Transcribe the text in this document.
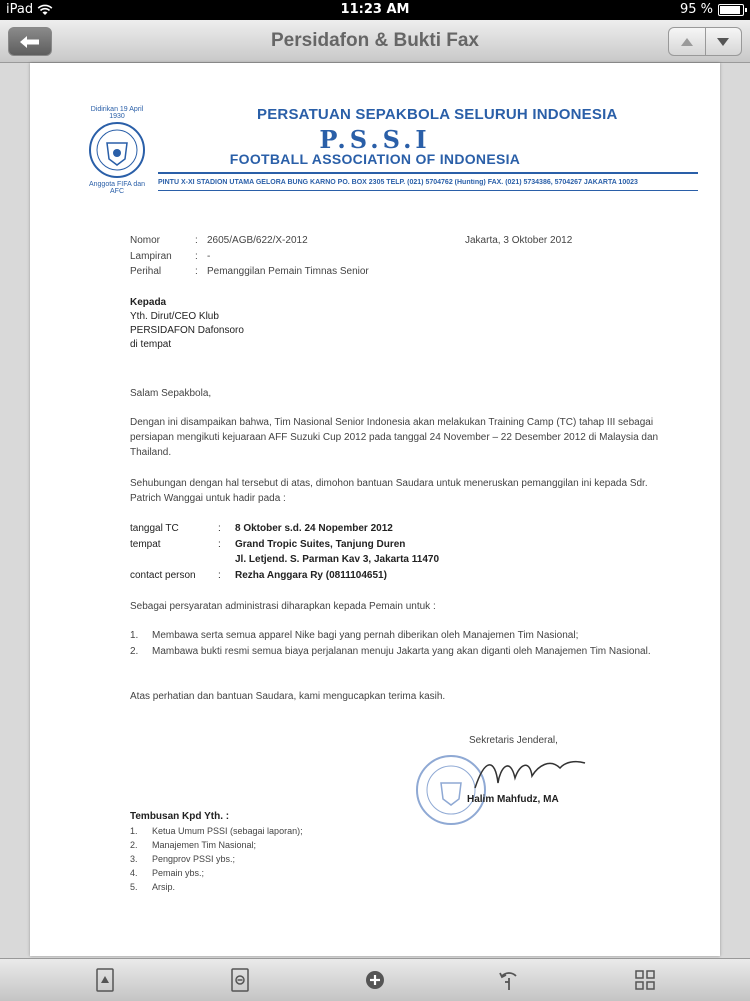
iPad	11:23 AM	95 %
Persidafon & Bukti Fax
Didirikan 19 April 1930
Anggota FIFA dan AFC
PERSATUAN SEPAKBOLA SELURUH INDONESIA
P.S.S.I
FOOTBALL ASSOCIATION OF INDONESIA
PINTU X-XI STADION UTAMA GELORA BUNG KARNO PO. BOX 2305 TELP. (021) 5704762 (Hunting) FAX. (021) 5734386, 5704267 JAKARTA 10023
Nomor	: 2605/AGB/622/X-2012
Lampiran : -
Perihal	: Pemanggilan Pemain Timnas Senior
Jakarta, 3 Oktober 2012
Kepada
Yth. Dirut/CEO Klub
PERSIDAFON Dafonsoro
di tempat
Salam Sepakbola,
Dengan ini disampaikan bahwa, Tim Nasional Senior Indonesia akan melakukan Training Camp (TC) tahap III sebagai persiapan mengikuti kejuaraan AFF Suzuki Cup 2012 pada tanggal 24 November – 22 Desember 2012 di Malaysia dan Thailand.
Sehubungan dengan hal tersebut di atas, dimohon bantuan Saudara untuk meneruskan pemanggilan ini kepada Sdr. Patrich Wanggai untuk hadir pada :
tanggal TC	: 8 Oktober s.d. 24 Nopember 2012
tempat	: Grand Tropic Suites, Tanjung Duren
Jl. Letjend. S. Parman Kav 3, Jakarta 11470
contact person : Rezha Anggara Ry (0811104651)
Sebagai persyaratan administrasi diharapkan kepada Pemain untuk :
1.	Membawa serta semua apparel Nike bagi yang pernah diberikan oleh Manajemen Tim Nasional;
2.	Mambawa bukti resmi semua biaya perjalanan menuju Jakarta yang akan diganti oleh Manajemen Tim Nasional.
Atas perhatian dan bantuan Saudara, kami mengucapkan terima kasih.
Sekretaris Jenderal,
Halim Mahfudz, MA
Tembusan Kpd Yth. :
1.	Ketua Umum PSSI (sebagai laporan);
2.	Manajemen Tim Nasional;
3.	Pengprov PSSI ybs.;
4.	Pemain ybs.;
5.	Arsip.
